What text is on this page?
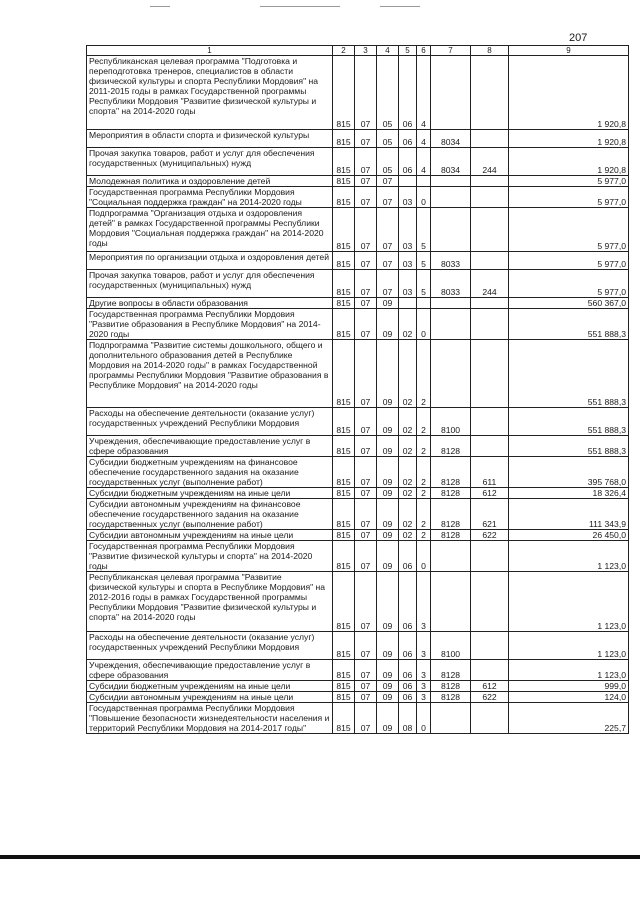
207
1	2	3	4	5	6	7	8	9
Республиканская целевая программа "Подготовка и переподготовка тренеров, специалистов в области физической культуры и спорта Республики Мордовия" на 2011-2015 годы в рамках Государственной программы Республики Мордовия "Развитие физической культуры и спорта" на 2014-2020 годы	815	07	05	06	4			1 920,8
Мероприятия в области спорта и физической культуры	815	07	05	06	4	8034		1 920,8
Прочая закупка товаров, работ и услуг для обеспечения государственных (муниципальных) нужд	815	07	05	06	4	8034	244	1 920,8
Молодежная политика и оздоровление детей	815	07	07					5 977,0
Государственная программа Республики Мордовия "Социальная поддержка граждан" на 2014-2020 годы	815	07	07	03	0			5 977,0
Подпрограмма "Организация отдыха и оздоровления детей" в рамках Государственной программы Республики Мордовия "Социальная поддержка граждан" на 2014-2020 годы	815	07	07	03	5			5 977,0
Мероприятия по организации отдыха и оздоровления детей	815	07	07	03	5	8033		5 977,0
Прочая закупка товаров, работ и услуг для обеспечения государственных (муниципальных) нужд	815	07	07	03	5	8033	244	5 977,0
Другие вопросы в области образования	815	07	09					560 367,0
Государственная программа Республики Мордовия "Развитие образования в Республике Мордовия" на 2014-2020 годы	815	07	09	02	0			551 888,3
Подпрограмма "Развитие системы дошкольного, общего и дополнительного образования детей в Республике Мордовия на 2014-2020 годы" в рамках Государственной программы Республики Мордовия "Развитие образования в Республике Мордовия" на 2014-2020 годы	815	07	09	02	2			551 888,3
Расходы на обеспечение деятельности (оказание услуг) государственных учреждений Республики Мордовия	815	07	09	02	2	8100		551 888,3
Учреждения, обеспечивающие предоставление услуг в сфере образования	815	07	09	02	2	8128		551 888,3
Субсидии бюджетным учреждениям на финансовое обеспечение государственного задания на оказание государственных услуг (выполнение работ)	815	07	09	02	2	8128	611	395 768,0
Субсидии бюджетным учреждениям на иные цели	815	07	09	02	2	8128	612	18 326,4
Субсидии автономным учреждениям на финансовое обеспечение государственного задания на оказание государственных услуг (выполнение работ)	815	07	09	02	2	8128	621	111 343,9
Субсидии автономным учреждениям на иные цели	815	07	09	02	2	8128	622	26 450,0
Государственная программа Республики Мордовия "Развитие физической культуры и спорта" на 2014-2020 годы	815	07	09	06	0			1 123,0
Республиканская целевая программа "Развитие физической культуры и спорта в Республике Мордовия" на 2012-2016 годы в рамках Государственной программы Республики Мордовия "Развитие физической культуры и спорта" на 2014-2020 годы	815	07	09	06	3			1 123,0
Расходы на обеспечение деятельности (оказание услуг) государственных учреждений Республики Мордовия	815	07	09	06	3	8100		1 123,0
Учреждения, обеспечивающие предоставление услуг в сфере образования	815	07	09	06	3	8128		1 123,0
Субсидии бюджетным учреждениям на иные цели	815	07	09	06	3	8128	612	999,0
Субсидии автономным учреждениям на иные цели	815	07	09	06	3	8128	622	124,0
Государственная программа Республики Мордовия "Повышение безопасности жизнедеятельности населения и территорий Республики Мордовия на 2014-2017 годы"	815	07	09	08	0			225,7
